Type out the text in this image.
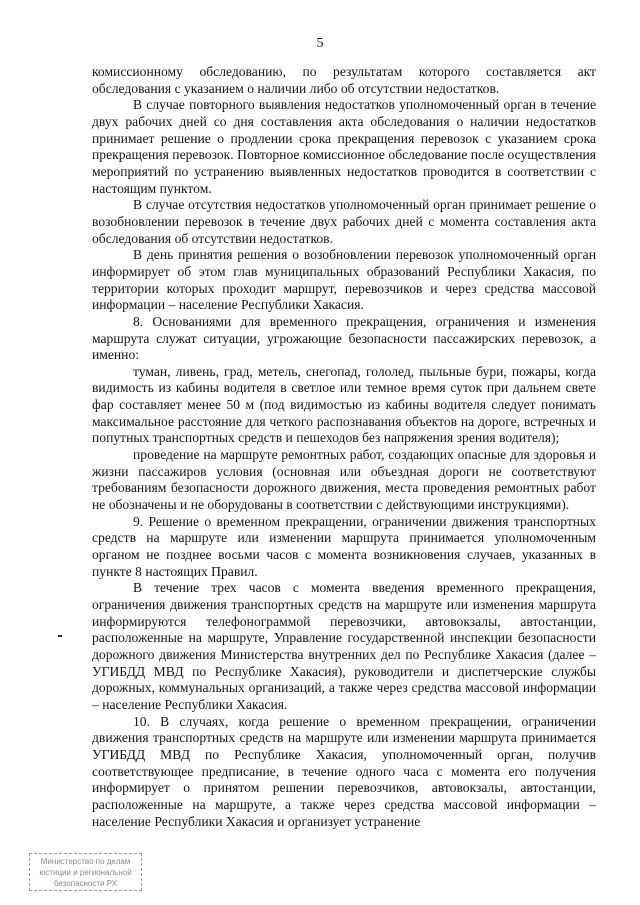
5

комиссионному обследованию, по результатам которого составляется акт обследования с указанием о наличии либо об отсутствии недостатков.

В случае повторного выявления недостатков уполномоченный орган в течение двух рабочих дней со дня составления акта обследования о наличии недостатков принимает решение о продлении срока прекращения перевозок с указанием срока прекращения перевозок. Повторное комиссионное обследование после осуществления мероприятий по устранению выявленных недостатков проводится в соответствии с настоящим пунктом.

В случае отсутствия недостатков уполномоченный орган принимает решение о возобновлении перевозок в течение двух рабочих дней с момента составления акта обследования об отсутствии недостатков.

В день принятия решения о возобновлении перевозок уполномоченный орган информирует об этом глав муниципальных образований Республики Хакасия, по территории которых проходит маршрут, перевозчиков и через средства массовой информации – население Республики Хакасия.

8. Основаниями для временного прекращения, ограничения и изменения маршрута служат ситуации, угрожающие безопасности пассажирских перевозок, а именно:

туман, ливень, град, метель, снегопад, гололед, пыльные бури, пожары, когда видимость из кабины водителя в светлое или темное время суток при дальнем свете фар составляет менее 50 м (под видимостью из кабины водителя следует понимать максимальное расстояние для четкого распознавания объектов на дороге, встречных и попутных транспортных средств и пешеходов без напряжения зрения водителя);

проведение на маршруте ремонтных работ, создающих опасные для здоровья и жизни пассажиров условия (основная или объездная дороги не соответствуют требованиям безопасности дорожного движения, места проведения ремонтных работ не обозначены и не оборудованы в соответствии с действующими инструкциями).

9. Решение о временном прекращении, ограничении движения транспортных средств на маршруте или изменении маршрута принимается уполномоченным органом не позднее восьми часов с момента возникновения случаев, указанных в пункте 8 настоящих Правил.

В течение трех часов с момента введения временного прекращения, ограничения движения транспортных средств на маршруте или изменения маршрута информируются телефонограммой перевозчики, автовокзалы, автостанции, расположенные на маршруте, Управление государственной инспекции безопасности дорожного движения Министерства внутренних дел по Республике Хакасия (далее – УГИБДД МВД по Республике Хакасия), руководители и диспетчерские службы дорожных, коммунальных организаций, а также через средства массовой информации – население Республики Хакасия.

10. В случаях, когда решение о временном прекращении, ограничении движения транспортных средств на маршруте или изменении маршрута принимается УГИБДД МВД по Республике Хакасия, уполномоченный орган, получив соответствующее предписание, в течение одного часа с момента его получения информирует о принятом решении перевозчиков, автовокзалы, автостанции, расположенные на маршруте, а также через средства массовой информации – население Республики Хакасия и организует устранение

Министерство по делам
юстиции и региональной
безопасности РХ
